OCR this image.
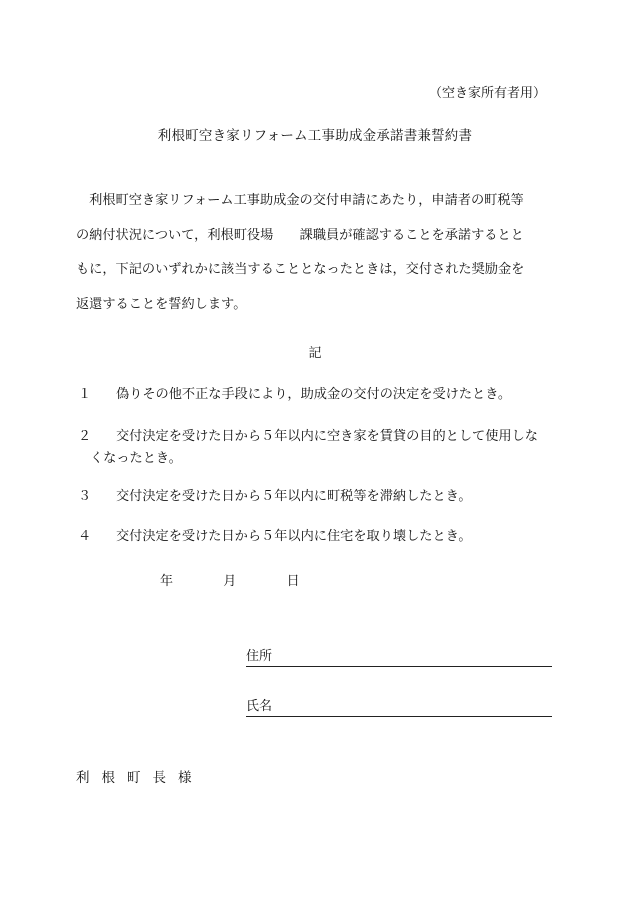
（空き家所有者用）
利根町空き家リフォーム工事助成金承諾書兼誓約書
　利根町空き家リフォーム工事助成金の交付申請にあたり，申請者の町税等
の納付状況について，利根町役場　　課職員が確認することを承諾するとと
もに，下記のいずれかに該当することとなったときは，交付された奨励金を
返還することを誓約します。
記
１ 偽りその他不正な手段により，助成金の交付の決定を受けたとき。
２ 交付決定を受けた日から５年以内に空き家を賃貸の目的として使用しな
くなったとき。
３ 交付決定を受けた日から５年以内に町税等を滞納したとき。
４ 交付決定を受けた日から５年以内に住宅を取り壊したとき。
年	月	日
住所
氏名
利根町長様
